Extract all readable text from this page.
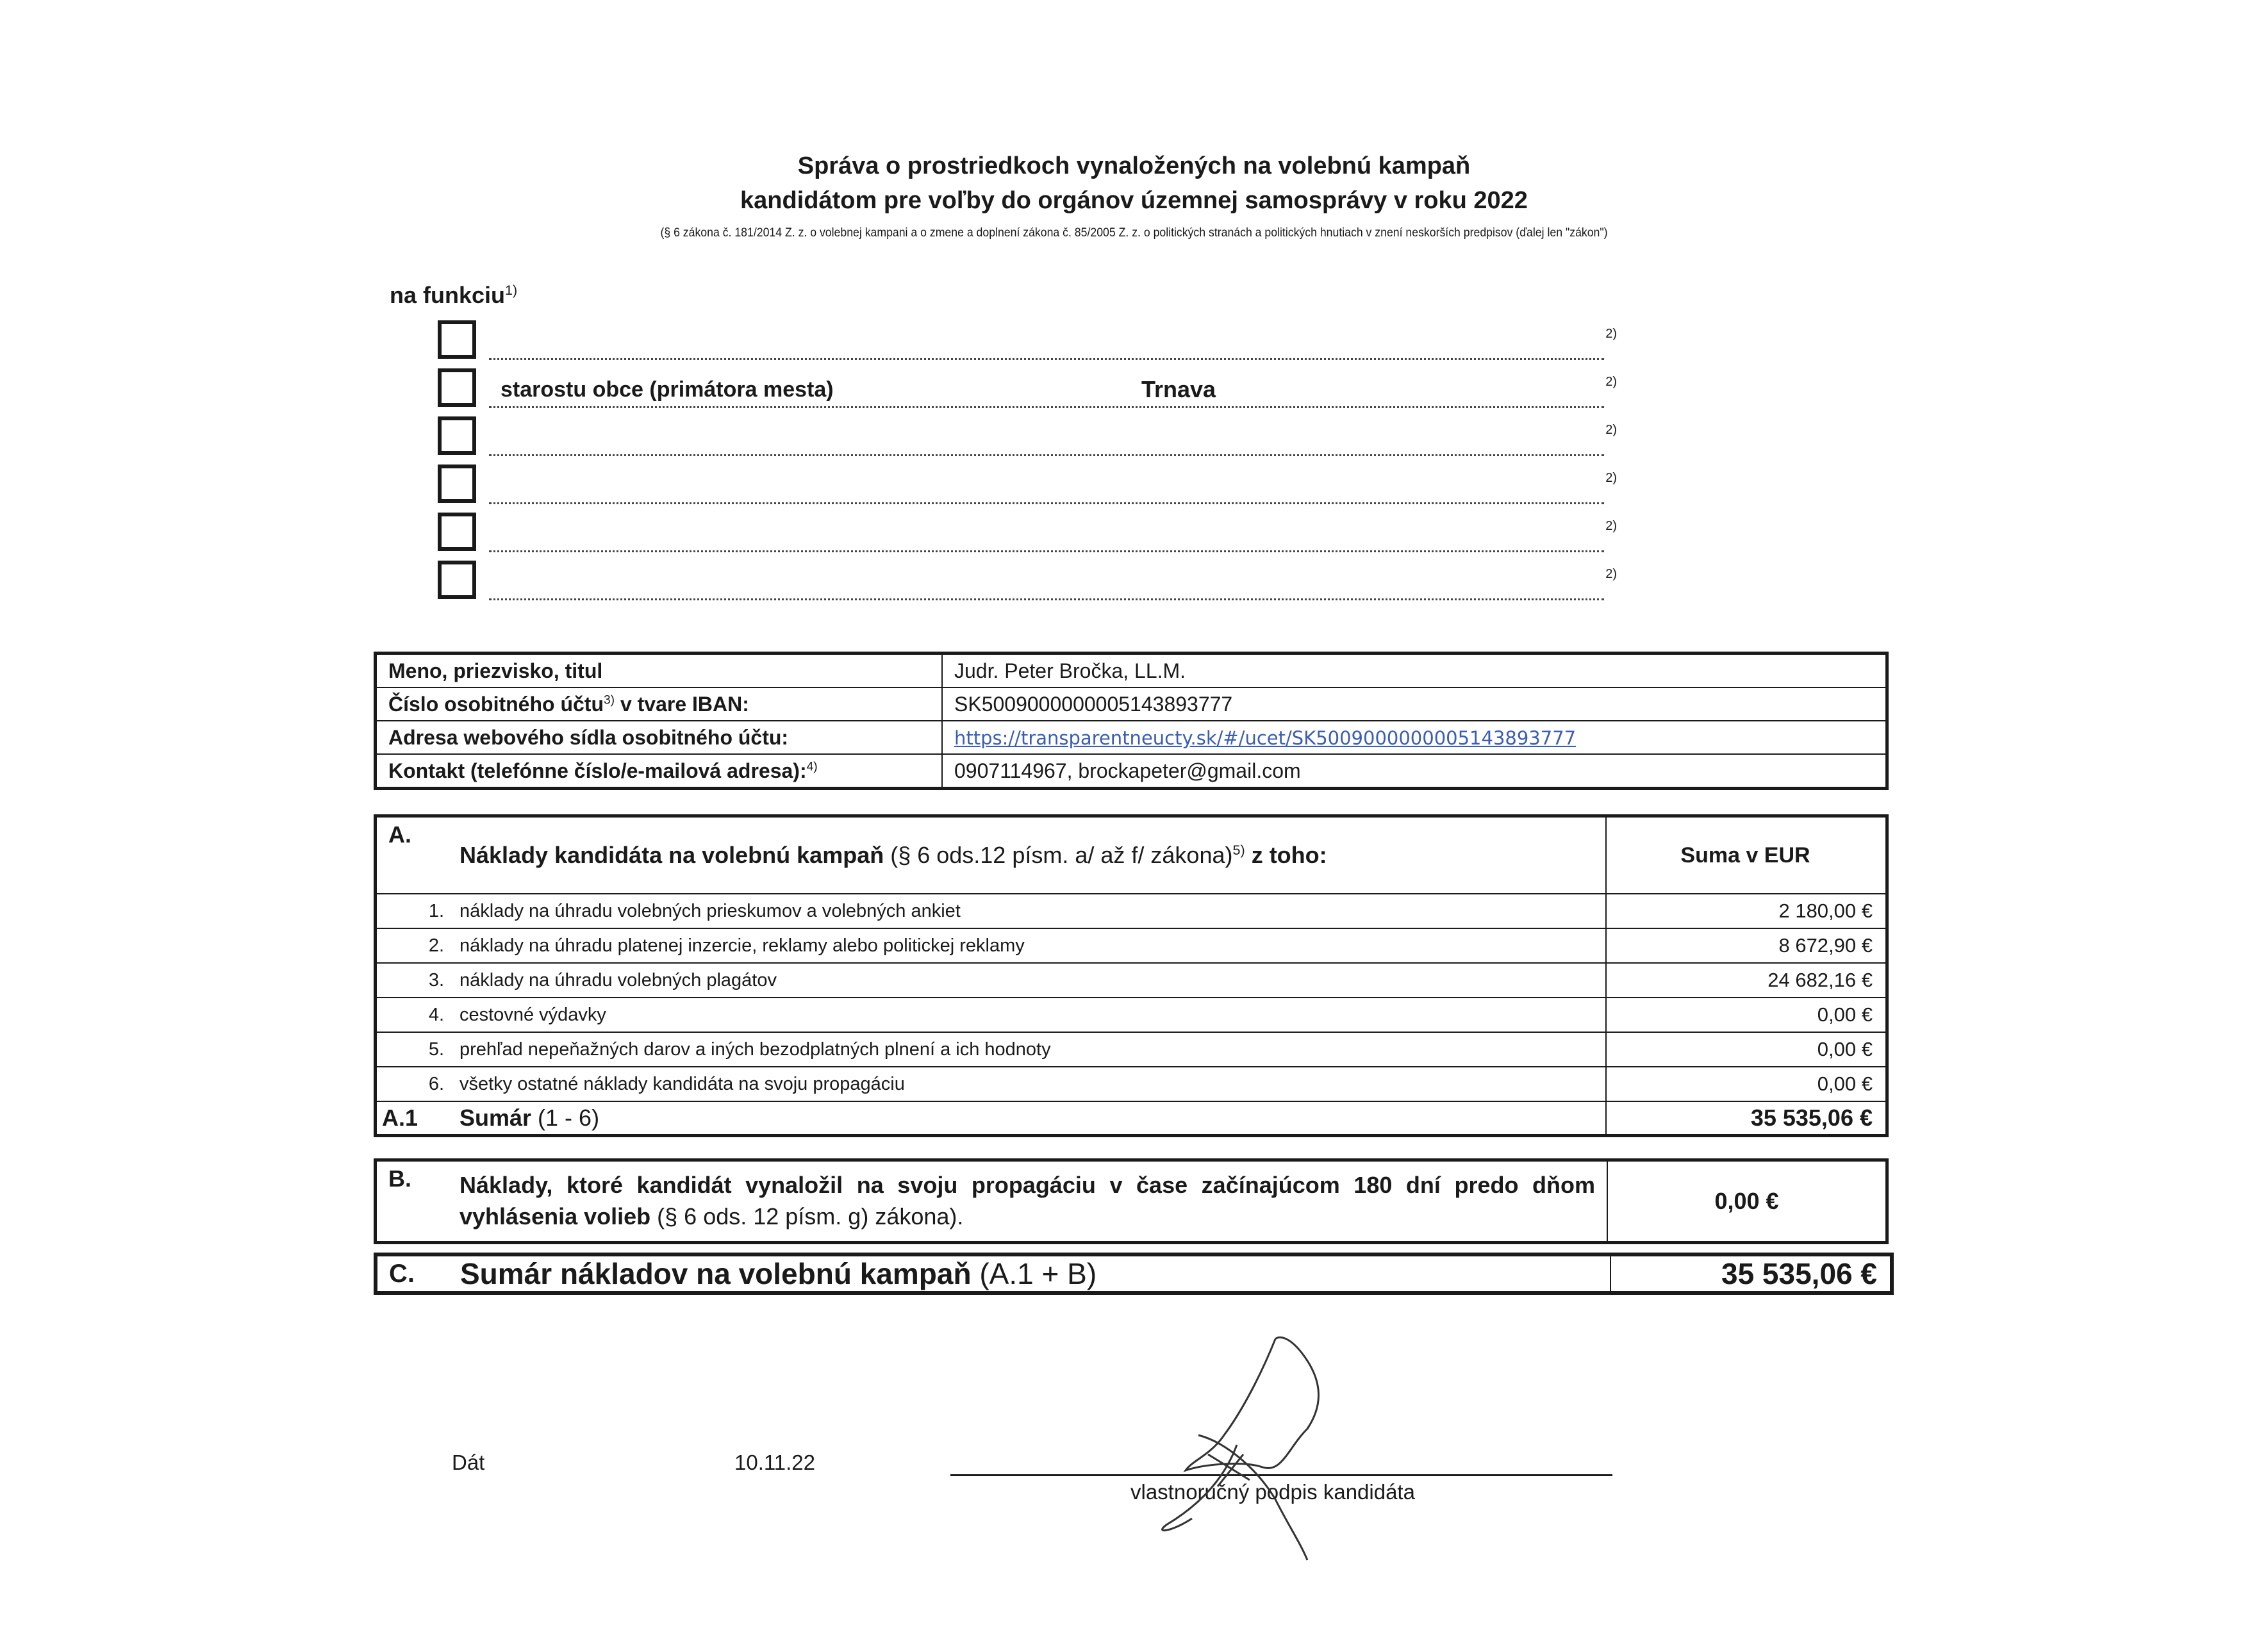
Správa o prostriedkoch vynaložených na volebnú kampaň
kandidátom pre voľby do orgánov územnej samosprávy v roku 2022
(§ 6 zákona č. 181/2014 Z. z. o volebnej kampani a o zmene a doplnení zákona č. 85/2005 Z. z. o politických stranách a politických hnutiach v znení neskorších predpisov (ďalej len "zákon")
na funkciu$^{1)}$
2)
starostu obce (primátora mesta)	Trnava	2)
2)
2)
2)
2)
Meno, priezvisko, titul	Judr. Peter Bročka, LL.M.
Číslo osobitného účtu$^{3)}$ v tvare IBAN:	SK5009000000005143893777
Adresa webového sídla osobitného účtu:	https://transparentneucty.sk/#/ucet/SK5009000000005143893777
Kontakt (telefónne číslo/e-mailová adresa):$^{4)}$	0907114967, brockapeter@gmail.com
A.	Náklady kandidáta na volebnú kampaň (§ 6 ods.12 písm. a/ až f/ zákona)$^{5)}$ z toho:	Suma v EUR
1.	náklady na úhradu volebných prieskumov a volebných ankiet	2 180,00 €
2.	náklady na úhradu platenej inzercie, reklamy alebo politickej reklamy	8 672,90 €
3.	náklady na úhradu volebných plagátov	24 682,16 €
4.	cestovné výdavky	0,00 €
5.	prehľad nepeňažných darov a iných bezodplatných plnení a ich hodnoty	0,00 €
6.	všetky ostatné náklady kandidáta na svoju propagáciu	0,00 €
A.1	Sumár (1 - 6)	35 535,06 €
B.	Náklady, ktoré kandidát vynaložil na svoju propagáciu v čase začínajúcom 180 dní predo dňom vyhlásenia volieb (§ 6 ods. 12 písm. g) zákona).	0,00 €
C.	Sumár nákladov na volebnú kampaň (A.1 + B)	35 535,06 €
Dát	10.11.22
vlastnoručný podpis kandidáta
